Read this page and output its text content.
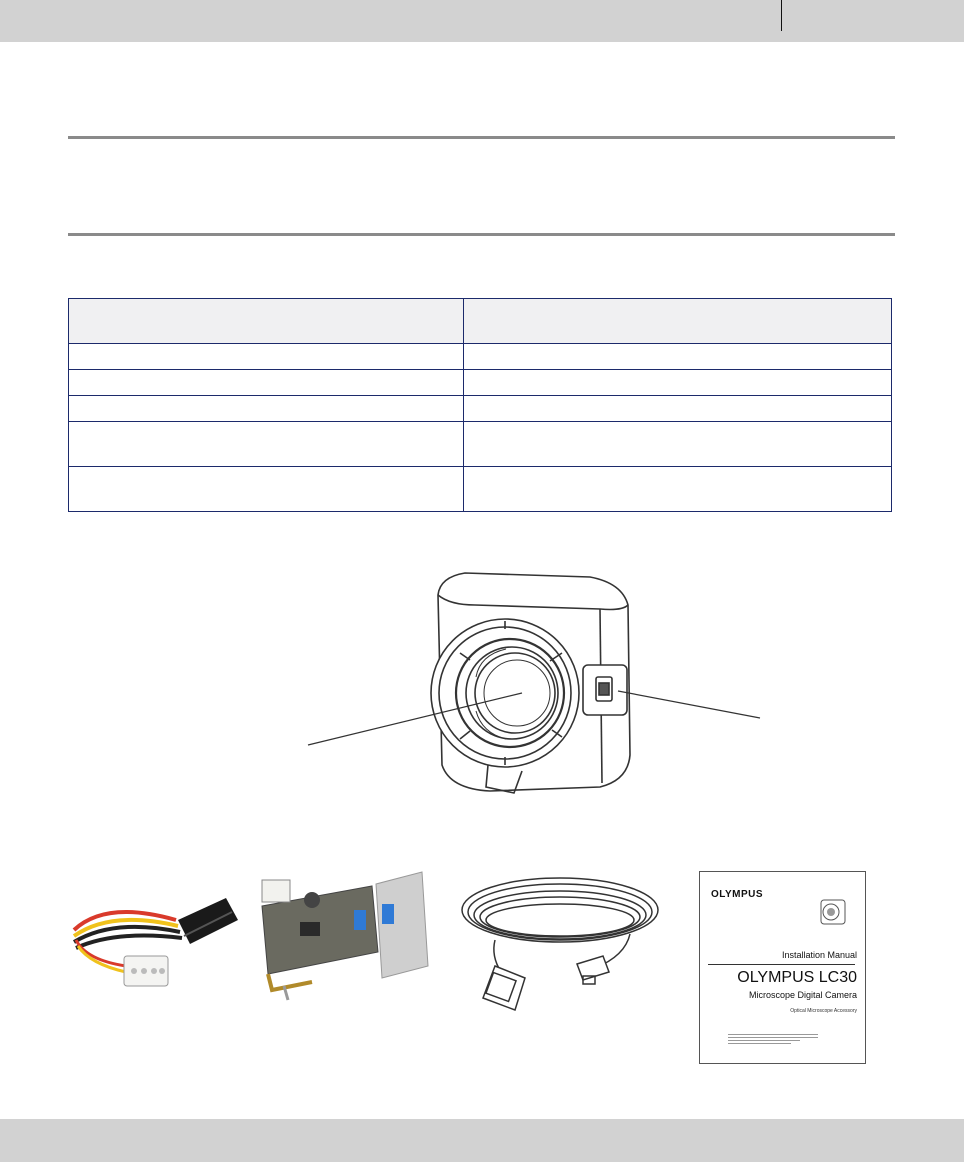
OLYMPUS
Installation Manual
OLYMPUS LC30
Microscope Digital Camera
Optical Microscope Accessory
